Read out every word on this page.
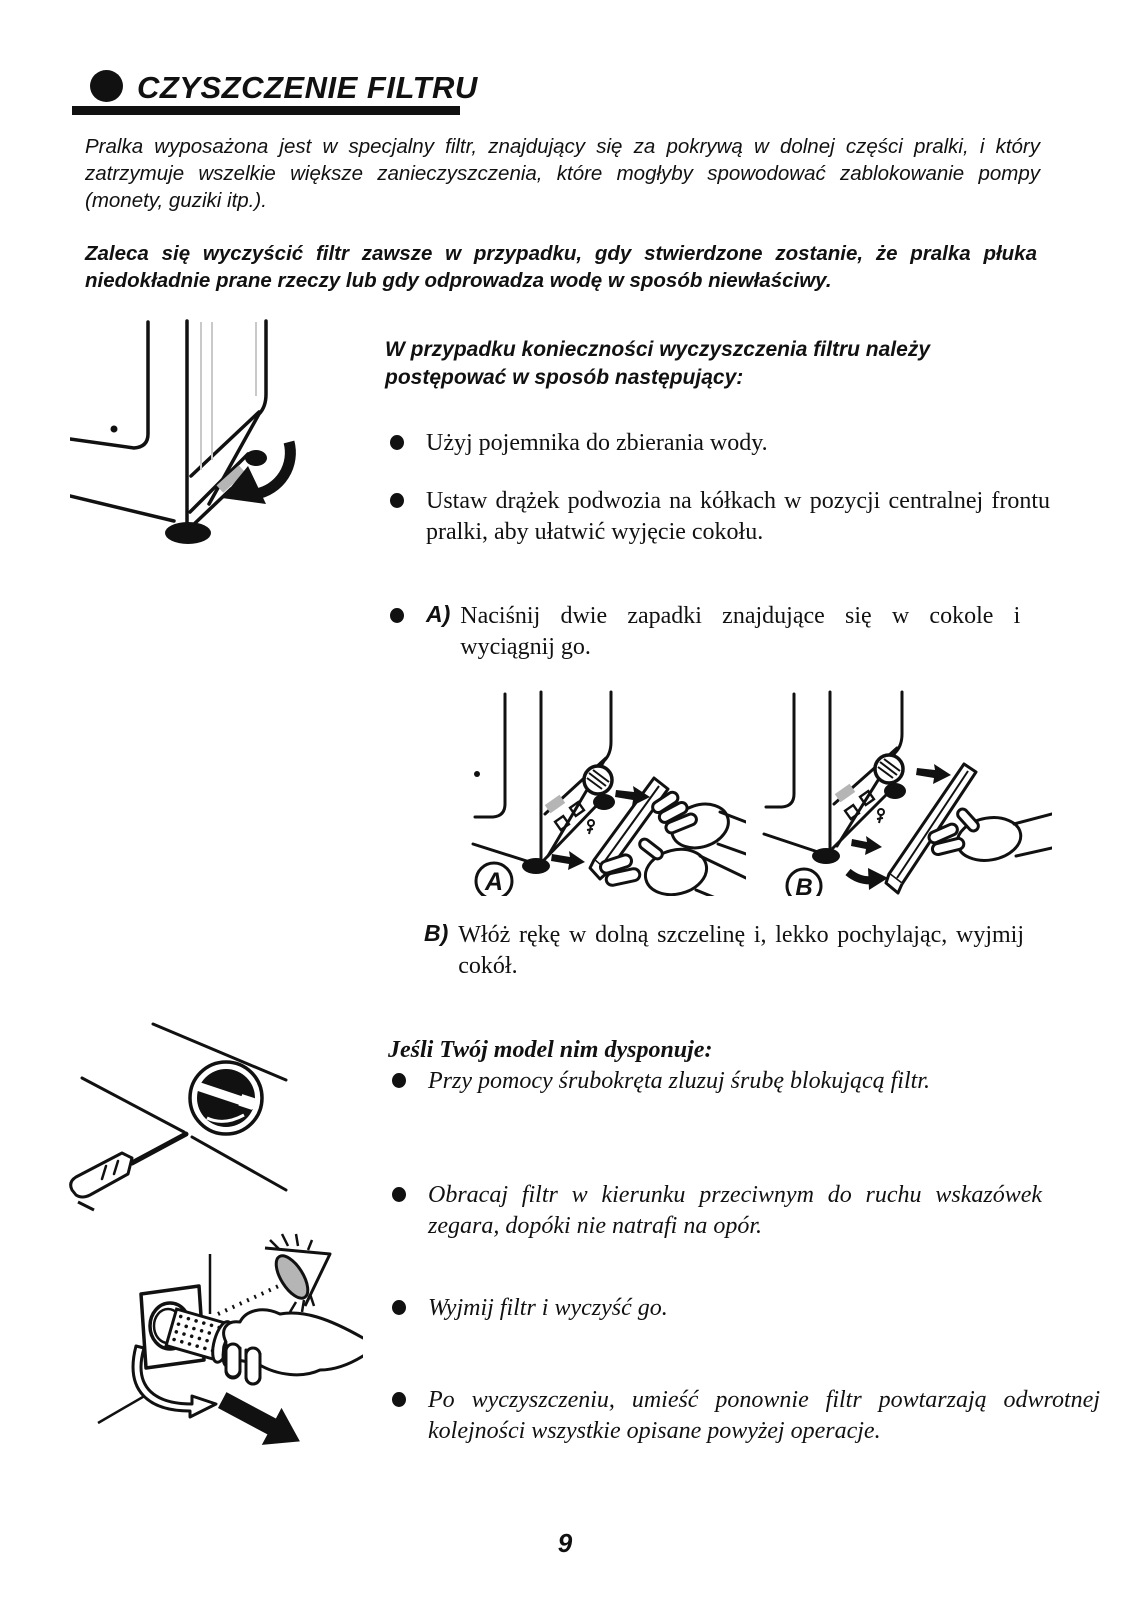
CZYSZCZENIE FILTRU
Pralka wyposażona jest w specjalny filtr, znajdujący się za pokrywą w dolnej części pralki, i który zatrzymuje wszelkie większe zanieczyszczenia, które mogłyby spowodować zablokowanie pompy (monety, guziki itp.).
Zaleca się wyczyścić filtr zawsze w przypadku, gdy stwierdzone zostanie, że pralka płuka niedokładnie prane rzeczy lub gdy odprowadza wodę w sposób niewłaściwy.
W przypadku konieczności wyczyszczenia filtru należy postępować w sposób następujący:
Użyj pojemnika do zbierania wody.
Ustaw drążek podwozia na kółkach w pozycji centralnej frontu pralki, aby ułatwić wyjęcie cokołu.
A) Naciśnij dwie zapadki znajdujące się w cokole i wyciągnij go.
A	B
B) Włóż rękę w dolną szczelinę i, lekko pochylając, wyjmij cokół.
Jeśli Twój model nim dysponuje:
Przy pomocy śrubokręta zluzuj śrubę blokującą filtr.
Obracaj filtr w kierunku przeciwnym do ruchu wskazówek zegara, dopóki nie natrafi na opór.
Wyjmij filtr i wyczyść go.
Po wyczyszczeniu, umieść ponownie filtr powtarzają odwrotnej kolejności wszystkie opisane powyżej operacje.
9
